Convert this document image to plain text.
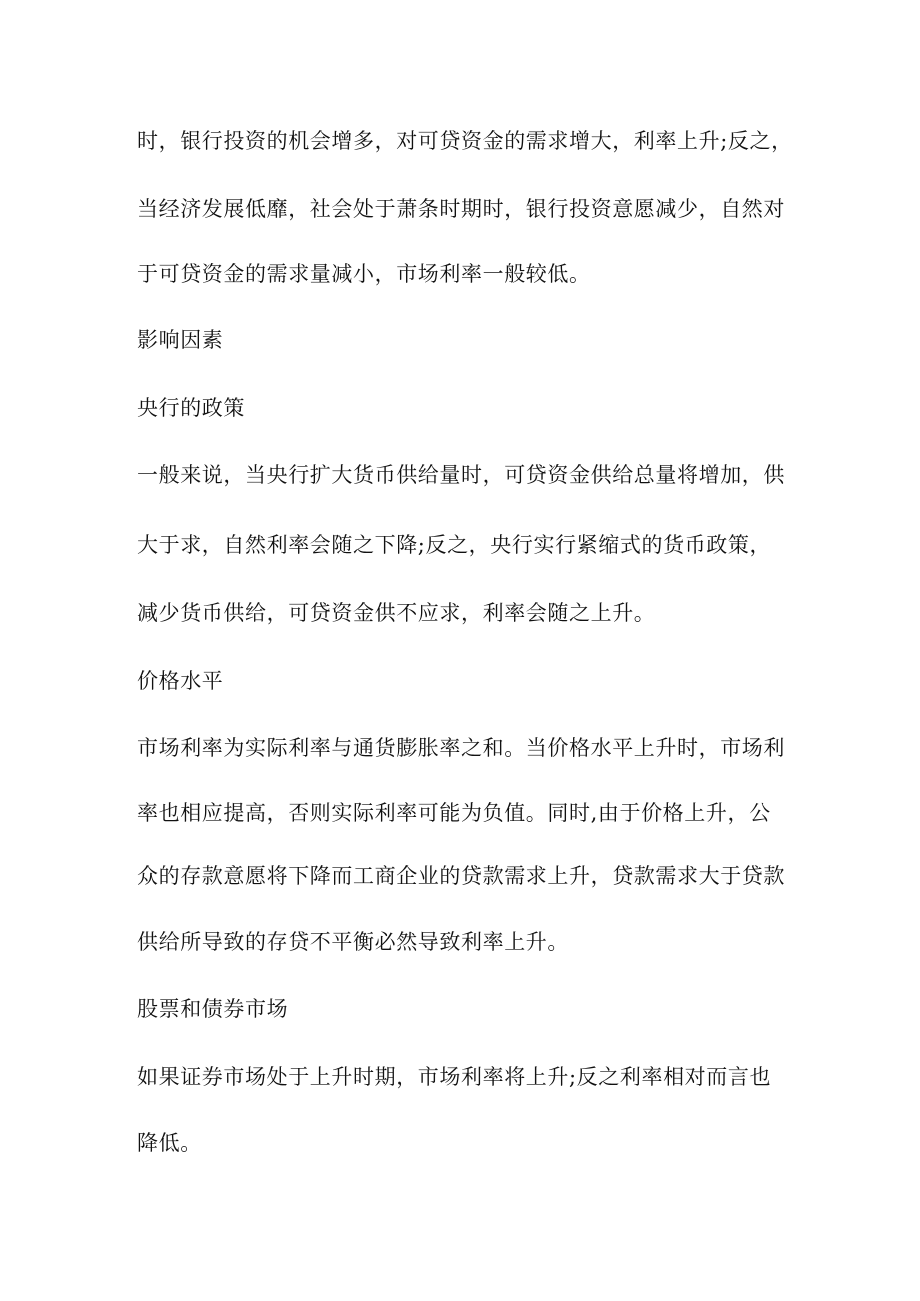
时，银行投资的机会增多，对可贷资金的需求增大，利率上升;反之，
当经济发展低靡，社会处于萧条时期时，银行投资意愿减少，自然对
于可贷资金的需求量减小，市场利率一般较低。
影响因素
央行的政策
一般来说，当央行扩大货币供给量时，可贷资金供给总量将增加，供
大于求，自然利率会随之下降;反之，央行实行紧缩式的货币政策，
减少货币供给，可贷资金供不应求，利率会随之上升。
价格水平
市场利率为实际利率与通货膨胀率之和。当价格水平上升时，市场利
率也相应提高，否则实际利率可能为负值。同时,由于价格上升，公
众的存款意愿将下降而工商企业的贷款需求上升，贷款需求大于贷款
供给所导致的存贷不平衡必然导致利率上升。
股票和债券市场
如果证券市场处于上升时期，市场利率将上升;反之利率相对而言也
降低。
